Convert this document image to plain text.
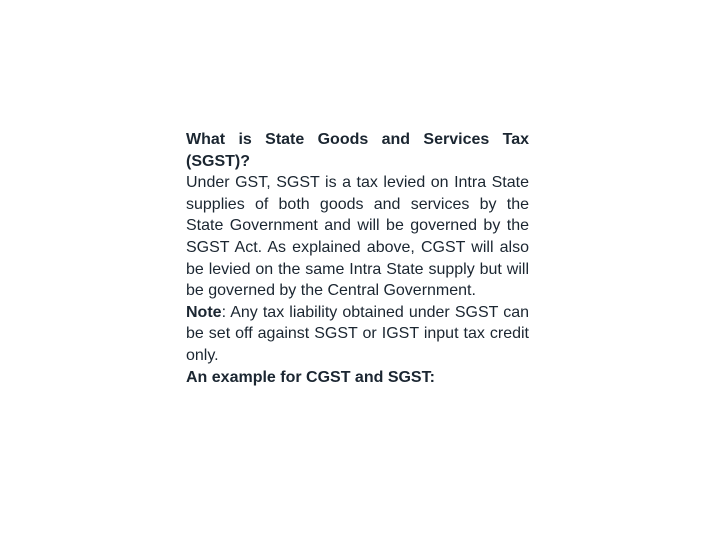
What is State Goods and Services Tax (SGST)?

Under GST, SGST is a tax levied on Intra State supplies of both goods and services by the State Government and will be governed by the SGST Act. As explained above, CGST will also be levied on the same Intra State supply but will be governed by the Central Government.

Note: Any tax liability obtained under SGST can be set off against SGST or IGST input tax credit only.

An example for CGST and SGST:
